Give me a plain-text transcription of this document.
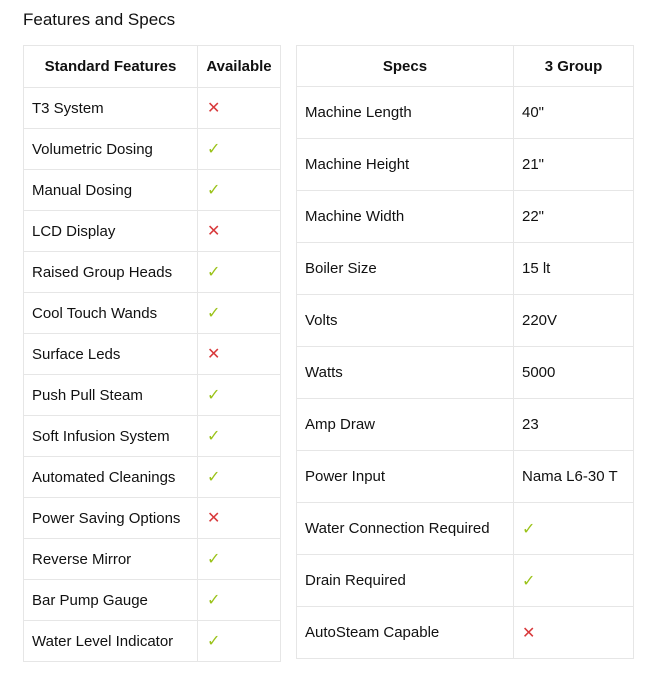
Features and Specs
Standard Features	Available
T3 System	✕
Volumetric Dosing	✓
Manual Dosing	✓
LCD Display	✕
Raised Group Heads	✓
Cool Touch Wands	✓
Surface Leds	✕
Push Pull Steam	✓
Soft Infusion System	✓
Automated Cleanings	✓
Power Saving Options	✕
Reverse Mirror	✓
Bar Pump Gauge	✓
Water Level Indicator	✓
Specs	3 Group
Machine Length	40"
Machine Height	21"
Machine Width	22"
Boiler Size	15 lt
Volts	220V
Watts	5000
Amp Draw	23
Power Input	Nama L6-30 T
Water Connection Required	✓
Drain Required	✓
AutoSteam Capable	✕
